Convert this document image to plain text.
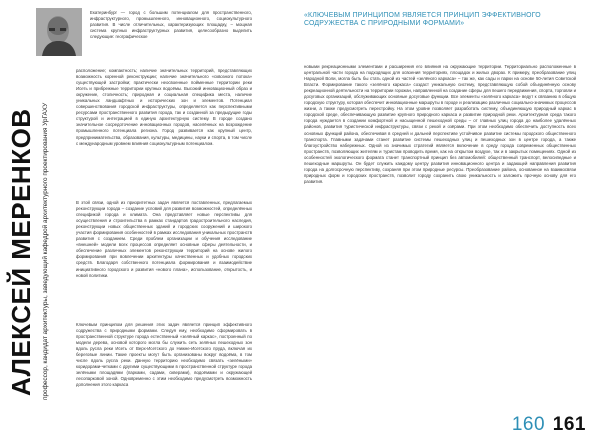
АЛЕКСЕЙ МЕРЕНКОВ профессор, кандидат архитектуры, заведующий кафедрой архитектурного проектирования УрГАХУ
Екатеринбург — город с большим потенциалом для пространственного, инфраструктурного, промышленного, инновационного, социокультурного развития. В числе отличительных, характеризующих площадку, – мощная система крупных инфраструктурных развития, целесообразно выделить следующие: географическое
расположение; компактность; наличие значительных территорий, представляющих возможность коренной реконструкции; наличие значительного «сквозного потока» существующей застройки; практически неосвоенные пойменные территории реки Исеть и прибрежные территории крупных водоёмы. Высокий инновационный образ и окружение, столичность; природная и социальная специфика места, наличие уникальных ландшафтных и исторических зон и элементов. Потенциал совершенствования городской инфраструктуры, определяется как перспективными ресурсами пространственного развития города, так и созданной за предыдущие годы структурой и интеграцией в единую архитектурную систему. В городе создано значительное сосредоточение инновационных городов, населённых на возрождение промышленного потенциала региона. Город развивается как крупный центр, предпринимательства, образования, культуры, медицины, науки и спорта, в том числе с международным уровнем влияния социокультурным потенциалом.
В этой связи, одной из приоритетных задач является поставленных, предлагаемых реконструкции города – создание условий для развития возможностей, определённых спецификой города и климата. Она представляет новые перспективы для осуществления и строительства в рамках стандартов градостроительного наследия, реконструкции новых общественных зданий и городских сооружений и широкого участия формирования особенностей в рамках исследования уникальных пространств развития с созданием. Среди проблем организации и обучения исследование «внешней» модели всех процессов определяет основные сферы деятельности, и обеспечение различных элементов реконструкции территорий на основе жилого формирования при вовлечении архитектуры качественных и удобных городских средств. Благодаря собственного потенциала формирования и взаимодействие инициативного городского и развития «нового плана», использование, открытость, и новой политики.
Ключевым принципом для решения этих задач является принцип эффективного содружества с природными формами. Следуя ему, необходимо сформировать в пространственной структуре города естественный «зелёный каркас», построенный по модели дерева, основой которого могла бы служить сеть зелёных пешеходных зон вдоль русла реки Исеть от Верх-Исетского до Нижне-Исетского пруда, включая их береговые линии. Такие проекты могут быть организованы вокруг водоёма, в том числе вдоль русла реки. Данную территорию необходимо связать «зелёными» коридорами-четками с другими существующими в пространственной структуре города зелёными площадями (парками, садами, скверами), водоёмами и окружающей лесопарковой зоной. Одновременно с этим необходимо предусмотреть возможность дополнения этого каркаса
«КЛЮЧЕВЫМ ПРИНЦИПОМ ЯВЛЯЕТСЯ ПРИНЦИП ЭФФЕКТИВНОГО СОДРУЖЕСТВА С ПРИРОДНЫМИ ФОРМАМИ»
новыми рекреационными элементами и расширения его влияния на окружающие территории. Территориально расположенные в центральной части города на подходящих для освоения территориях, площадок и жилых дворах. К примеру, преобразование улиц Народной Воли, могла быть бы стать одной из частей «зелёного каркаса» – так же, как сады и парки на основе 50-летия Советской Власти. Формирование такого «зелёного каркаса» создаст уникальную систему, представляющую собой объединённую основу рекреационной деятельности на территории горожан, направленной на создание сферы для пешего передвижения, спорта, торговли и досуговых организаций, обслуживающих основные досуговые функции. Все элементы «зелёного каркаса» ведут к связанию в общую городскую структуру, которая обеспечит инновационные маршруты в городе и реализацию различных социально-значимых процессов жизни, а также предусмотреть перестройку. На этом уровне позволяет разработать систему, объединяющую природный каркас в городской среде, обеспечивающую развитие крупного природного каркаса и развитие природной реки. Архитектурная среда такого города нуждается в создании комфортной и насыщенной пешеходной среды – от главных улиц города до наиболее удалённых районов, развития туристической инфраструктуры, связи с рекой и озёрами. При этом необходимо обеспечить доступность всех основных функций района, обеспечивая в средней и дальней перспективе устойчивое развитие системы городского общественного транспорта. Главными задачами станет развитие системы пешеходных улиц и пешеходных зон в центре города, а также благоустройство набережных. Одной из значимых стратегий является включение в среду города современных общественных пространств, позволяющих жителям и туристам проводить время, как на открытом воздухе, так и в закрытых помещениях. Одной из особенностей экологического формата станет транспортный принцип без автомобилей: общественный транспорт, велосипедные и пешеходные маршруты. Он будет служить каждому центру развития инновационного центра и задающей направления развития города на долгосрочную перспективу, сохраняя при этом природные ресурсы. Преобразование района, основанное на взаимосвязи природных форм и городских пространств, позволит городу сохранить свою уникальность и заложить прочную основу для его развития.
160 161
